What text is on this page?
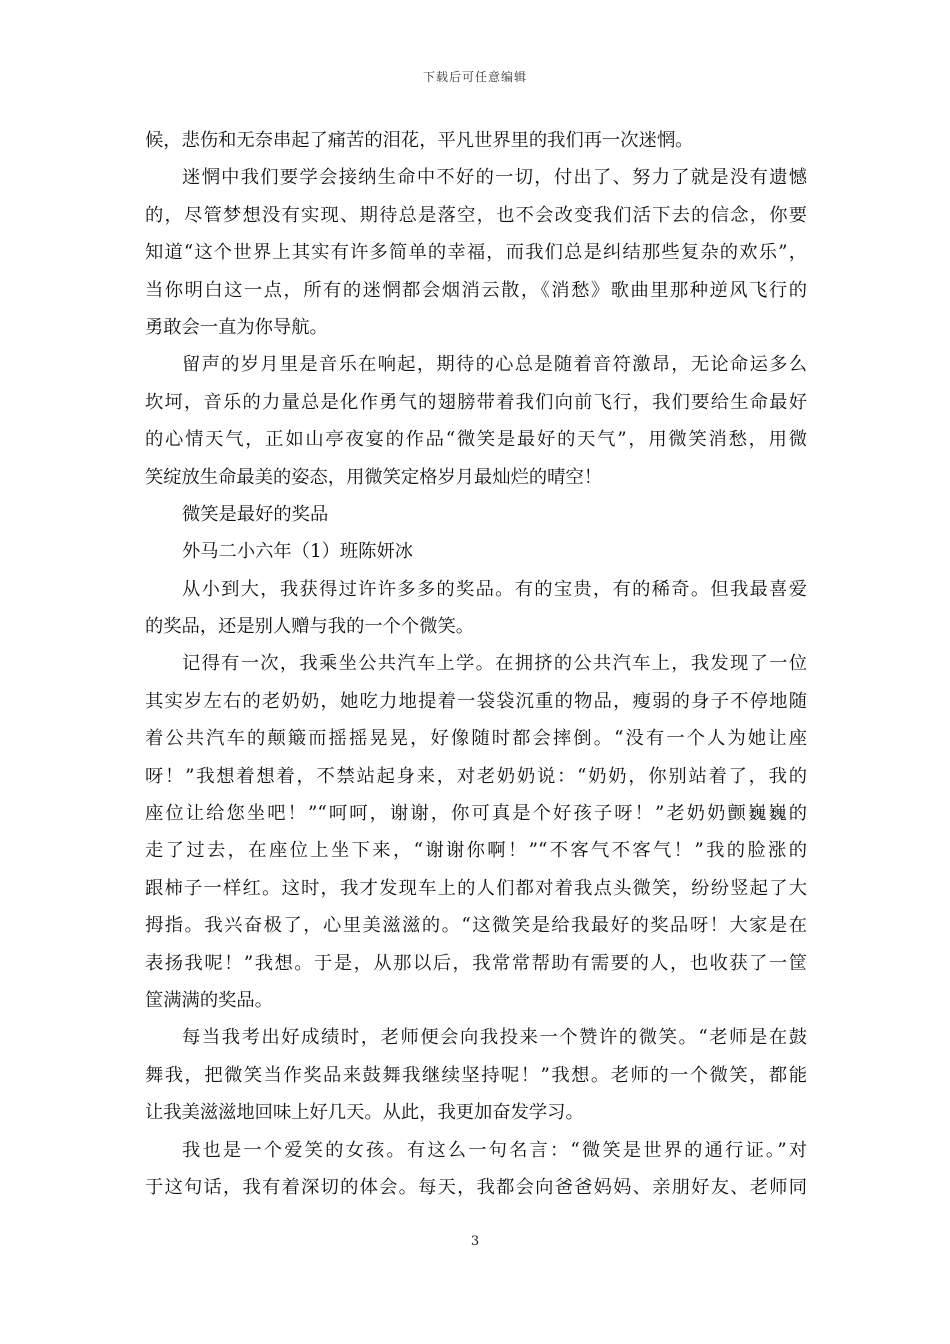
下载后可任意编辑
候，悲伤和无奈串起了痛苦的泪花，平凡世界里的我们再一次迷惘。
迷惘中我们要学会接纳生命中不好的一切，付出了、努力了就是没有遗憾
的，尽管梦想没有实现、期待总是落空，也不会改变我们活下去的信念，你要
知道“这个世界上其实有许多简单的幸福，而我们总是纠结那些复杂的欢乐”，
当你明白这一点，所有的迷惘都会烟消云散，《消愁》歌曲里那种逆风飞行的
勇敢会一直为你导航。
留声的岁月里是音乐在响起，期待的心总是随着音符激昂，无论命运多么
坎坷，音乐的力量总是化作勇气的翅膀带着我们向前飞行，我们要给生命最好
的心情天气，正如山亭夜宴的作品“微笑是最好的天气”，用微笑消愁，用微
笑绽放生命最美的姿态，用微笑定格岁月最灿烂的晴空！
微笑是最好的奖品
外马二小六年（1）班陈妍冰
从小到大，我获得过许许多多的奖品。有的宝贵，有的稀奇。但我最喜爱
的奖品，还是别人赠与我的一个个微笑。
记得有一次，我乘坐公共汽车上学。在拥挤的公共汽车上，我发现了一位
其实岁左右的老奶奶，她吃力地提着一袋袋沉重的物品，瘦弱的身子不停地随
着公共汽车的颠簸而摇摇晃晃，好像随时都会摔倒。“没有一个人为她让座
呀！”我想着想着，不禁站起身来，对老奶奶说：“奶奶，你别站着了，我的
座位让给您坐吧！”“呵呵，谢谢，你可真是个好孩子呀！”老奶奶颤巍巍的
走了过去，在座位上坐下来，“谢谢你啊！”“不客气不客气！”我的脸涨的
跟柿子一样红。这时，我才发现车上的人们都对着我点头微笑，纷纷竖起了大
拇指。我兴奋极了，心里美滋滋的。“这微笑是给我最好的奖品呀！大家是在
表扬我呢！”我想。于是，从那以后，我常常帮助有需要的人，也收获了一筐
筐满满的奖品。
每当我考出好成绩时，老师便会向我投来一个赞许的微笑。“老师是在鼓
舞我，把微笑当作奖品来鼓舞我继续坚持呢！”我想。老师的一个微笑，都能
让我美滋滋地回味上好几天。从此，我更加奋发学习。
我也是一个爱笑的女孩。有这么一句名言：“微笑是世界的通行证。”对
于这句话，我有着深切的体会。每天，我都会向爸爸妈妈、亲朋好友、老师同
3
